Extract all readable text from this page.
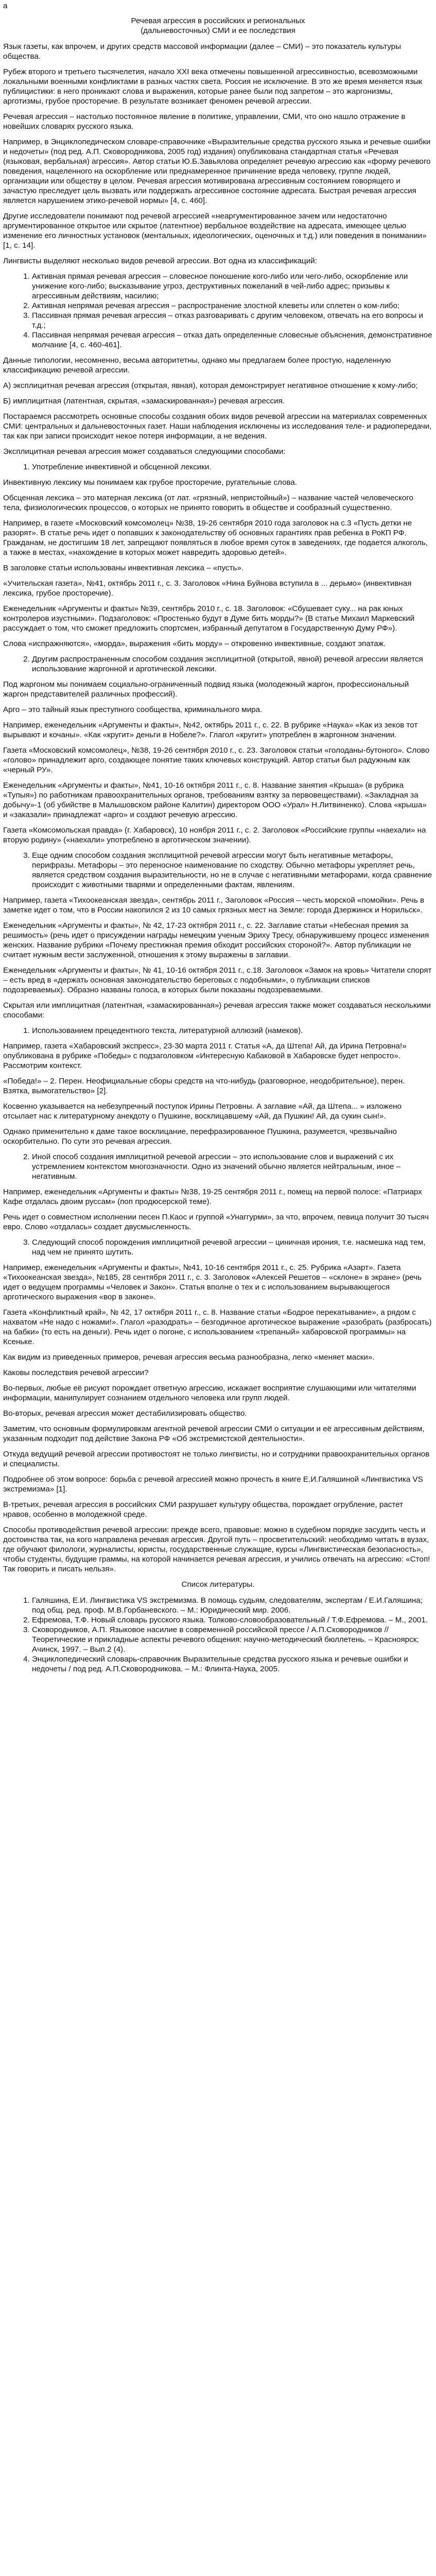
а
Речевая агрессия в российских и региональных
(дальневосточных) СМИ и ее последствия

Язык газеты, как впрочем, и других средств массовой информации (далее – СМИ) – это показатель культуры общества.

Рубеж второго и третьего тысячелетия, начало XXI века отмечены повышенной агрессивностью, всевозможными локальными военными конфликтами в разных частях света. Россия не исключение. В это же время меняется язык публицистики: в него проникают слова и выражения, которые ранее были под запретом – это жаргонизмы, арготизмы, грубое просторечие. В результате возникает феномен речевой агрессии.

Речевая агрессия – настолько постоянное явление в политике, управлении, СМИ, что оно нашло отражение в новейших словарях русского языка.

Например, в Энциклопедическом словаре-справочнике «Выразительные средства русского языка и речевые ошибки и недочеты» (под ред. А.П. Сковородникова, 2005 год) издания) опубликована стандартная статья «Речевая (языковая, вербальная) агрессия». Автор статьи Ю.Б.Завьялова определяет речевую агрессию как «форму речевого поведения, нацеленного на оскорбление или преднамеренное причинение вреда человеку, группе людей, организации или обществу в целом. Речевая агрессия мотивирована агрессивным состоянием говорящего и зачастую преследует цель вызвать или поддержать агрессивное состояние адресата. Быстрая речевая агрессия является нарушением этико-речевой нормы» [4, с. 460].

Другие исследователи понимают под речевой агрессией «неаргументированное зачем или недостаточно аргументированное открытое или скрытое (латентное) вербальное воздействие на адресата, имеющее целью изменение его личностных установок (ментальных, идеологических, оценочных и т.д.) или поведения в понимании» [1, с. 14].

Лингвисты выделяют несколько видов речевой агрессии. Вот одна из классификаций:

1. Активная прямая речевая агрессия – словесное поношение кого-либо или чего-либо, оскорбление или унижение кого-либо; высказывание угроз, деструктивных пожеланий в чей-либо адрес; призывы к агрессивным действиям, насилию;
2. Активная непрямая речевая агрессия – распространение злостной клеветы или сплетен о ком-либо;
3. Пассивная прямая речевая агрессия – отказ разговаривать с другим человеком, отвечать на его вопросы и т.д.;
4. Пассивная непрямая речевая агрессия – отказ дать определенные словесные объяснения, демонстративное молчание [4, с. 460-461].

Данные типологии, несомненно, весьма авторитетны, однако мы предлагаем более простую, наделенную классификацию речевой агрессии.

А) эксплицитная речевая агрессия (открытая, явная), которая демонстрирует негативное отношение к кому-либо;

Б) имплицитная (латентная, скрытая, «замаскированная») речевая агрессия.

Постараемся рассмотреть основные способы создания обоих видов речевой агрессии на материалах современных СМИ: центральных и дальневосточных газет. Наши наблюдения исключены из исследования теле- и радиопередачи, так как при записи происходит некое потеря информации, а не ведения.

Эксплицитная речевая агрессия может создаваться следующими способами:

1. Употребление инвективной и обсценной лексики.

Инвективную лексику мы понимаем как грубое просторечие, ругательные слова.

Обсценная лексика – это матерная лексика (от лат. «грязный, непристойный») – название частей человеческого тела, физиологических процессов, о которых не принято говорить в обществе и сообразный существенно.

Например, в газете «Московский комсомолец» №38, 19-26 сентября 2010 года заголовок на с.3 «Пусть детки не разорят». В статье речь идет о попавших к законодательству об основных гарантиях прав ребенка в РоКП РФ. Гражданам, не достигшим 18 лет, запрещают появляться в любое время суток в заведениях, где подается алкоголь, а также в местах, «нахождение в которых может навредить здоровью детей».

В заголовке статьи использованы инвективная лексика – «пусть».

«Учительская газета», №41, октябрь 2011 г., с. 3. Заголовок «Нина Буйнова вступила в ... дерьмо» (инвективная лексика, грубое просторечие).

Еженедельник «Аргументы и факты» №39, сентябрь 2010 г., с. 18. Заголовок: «Сбушевает суку... на рак юных контролеров изустными». Подзаголовок: «Простенько будут в Думе бить морды?» (В статье Михаил Маркевский рассуждает о том, что сможет предложить спортсмен, избранный депутатом в Государственную Думу РФ»).

Слова «испражняются», «морда», выражения «бить морду» – откровенно инвективные, создают эпатаж.

2. Другим распространенным способом создания эксплицитной (открытой, явной) речевой агрессии является использование жаргонной и арготической лексики.

Под жаргоном мы понимаем социально-ограниченный подвид языка (молодежный жаргон, профессиональный жаргон представителей различных профессий).

Арго – это тайный язык преступного сообщества, криминального мира.

Например, еженедельник «Аргументы и факты», №42, октябрь 2011 г., с. 22. В рубрике «Наука» «Как из зеков тот вырывают и кочаны». «Как «кругит» деньги в Нобеле?». Глагол «кругит» употреблен в жаргонном значении.

Газета «Московский комсомолец», №38, 19-26 сентября 2010 г., с. 23. Заголовок статьи «голоданы-бутоного». Слово «голово» принадлежит арго, создающее понятие таких ключевых конструкций. Автор статьи был радужным как «черный РУ».

Еженедельник «Аргументы и факты», №41, 10-16 октября 2011 г., с. 8. Название занятия «Крыша» (в рубрика «Тупыя») по работникам правоохранительных органов, требованиям взятку за первовеществами). «Закладная за добычу»-1 (об убийстве в Малышовском районе Калитин) директором ООО «Урал» Н.Литвиненко). Слова «крыша» и «заказали» принадлежат «арго» и создают речевую агрессию.

Газета «Комсомольская правда» (г. Хабаровск), 10 ноября 2011 г., с. 2. Заголовок «Российские группы «наехали» на вторую родину» («наехали» употреблено в арготическом значении).

3. Еще одним способом создания эксплицитной речевой агрессии могут быть негативные метафоры, перифразы. Метафоры – это переносное наименование по сходству. Обычно метафоры укрепляет речь, является средством создания выразительности, но не в случае с негативными метафорами, когда сравнение происходит с животными тварями и определенными фактам, явлениям.

Например, газета «Тихоокеанская звезда», сентябрь 2011 г., Заголовок «Россия – честь морской «помойки». Речь в заметке идет о том, что в России накопился 2 из 10 самых грязных мест на Земле: города Дзержинск и Норильск».

Еженедельник «Аргументы и факты», № 42, 17-23 октября 2011 г., с. 22. Заглавие статьи «Небесная премия за решимость» (речь идет о присуждении награды немецким ученым Эриху Тресу, обнаружившему процесс изменения женских. Название рубрики «Почему престижная премия обходит российских стороной?». Автор публикации не считает нужным вести заслуженной, отношения к этому выражены в заглавии.

Еженедельник «Аргументы и факты», № 41, 10-16 октября 2011 г., с.18. Заголовок «Замок на кровь» Читатели спорят – есть вред в «держать основная законодательство береговых с подобными», о публикации списков подозреваемых). Образно названы голоса, в которых были показаны подозреваемыми.

Скрытая или имплицитная (латентная, «замаскированная») речевая агрессия также может создаваться несколькими способами:

1. Использованием прецедентного текста, литературной аллюзий (намеков).

Например, газета «Хабаровский экспресс», 23-30 марта 2011 г. Статья «А, да Штепа! Ай, да Ирина Петровна!» опубликована в рубрике «Победы» с подзаголовком «Интересную Кабаковой в Хабаровске будет непросто». Рассмотрим контекст.

«Победа!» – 2. Перен. Неофициальные сборы средств на что-нибудь (разговорное, неодобрительное), перен. Взятка, вымогательство» [2].

Косвенно указывается на небезупречный поступок Ирины Петровны. А заглавие «Ай, да Штепа... » изложено отсылает нас к литературному анекдоту о Пушкине, восклицавшему «Ай, да Пушкин! Ай, да сукин сын!».

Однако применительно к даме такое восклицание, перефразированное Пушкина, разумеется, чрезвычайно оскорбительно. По сути это речевая агрессия.

2. Иной способ создания имплицитной речевой агрессии – это использование слов и выражений с их устремлением контекстом многозначности. Одно из значений обычно является нейтральным, иное – негативным.

Например, еженедельник «Аргументы и факты» №38, 19-25 сентября 2011 г., помещ на первой полосе: «Патриарх Кафе отдалась двоим руссам» (поп продюсерской теме).

Речь идет о совместном исполнении песен П.Каос и группой «Унаггурми», за что, впрочем, певица получит 30 тысяч евро. Слово «отдалась» создает двусмысленность.

3. Следующий способ порождения имплицитной речевой агрессии – циничная ирония, т.е. насмешка над тем, над чем не принято шутить.

Например, еженедельник «Аргументы и факты», №41, 10-16 сентября 2011 г., с. 25. Рубрика «Азарт». Газета «Тихоокеанская звезда», №185, 28 сентября 2011 г., с. 3. Заголовок «Алексей Решетов – «склоне» в экране» (речь идет о ведущем программы «Человек и Закон». Статья вполне о тех и с использованием вырывающегося арготического выражения «вор в законе».

Газета «Конфликтный край», № 42, 17 октября 2011 г., с. 8. Название статьи «Бодрое перекатывание», а рядом с нахватом «Не надо с ножами!». Глагол «разодрать» – безгодичное арготическое выражение «разобрать (разбросать) на бабки» (то есть на деньги). Речь идет о погоне, с использованием «трепаный» хабаровской программы» на Ксеньке.

Как видим из приведенных примеров, речевая агрессия весьма разнообразна, легко «меняет маски».

Каковы последствия речевой агрессии?

Во-первых, любые её рисуют порождает ответную агрессию, искажает восприятие слушающими или читателями информации, манипулирует сознанием отдельного человека или групп людей.

Во-вторых, речевая агрессия может дестабилизировать общество.

Заметим, что основным формулировкам агентной речевой агрессии СМИ о ситуации и её агрессивным действиям, указанным подходит под действие Закона РФ «Об экстремистской деятельности».

Откуда ведущий речевой агрессии противостоят не только лингвисты, но и сотрудники правоохранительных органов и специалисты.

Подробнее об этом вопросе: борьба с речевой агрессией можно прочесть в книге Е.И.Галяшиной «Лингвистика VS экстремизма» [1].

В-третьих, речевая агрессия в российских СМИ разрушает культуру общества, порождает огрубление, растет нравов, особенно в молодежной среде.

Способы противодействия речевой агрессии: прежде всего, правовые: можно в судебном порядке засудить честь и достоинства так, на кого направлена речевая агрессия. Другой путь – просветительский: необходимо читать в вузах, где обучают филологи, журналисты, юристы, государственные служащие, курсы «Лингвистическая безопасность», чтобы студенты, будущие граммы, на которой начинается речевая агрессия, и учились отвечать на агрессию: «Стоп! Так говорить и писать нельзя».

Список литературы.
1. Галяшина, Е.И. Лингвистика VS экстремизма. В помощь судьям, следователям, экспертам / Е.И.Галяшина; под общ. ред. проф. М.В.Горбаневского. – М.: Юридический мир. 2006.
2. Ефремова, Т.Ф. Новый словарь русского языка. Толково-словообразовательный / Т.Ф.Ефремова. – М., 2001.
3. Сковородников, А.П. Языковое насилие в современной российской прессе / А.П.Сковородников // Теоретические и прикладные аспекты речевого общения: научно-методический бюллетень. – Красноярск; Ачинск, 1997. – Вып.2 (4).
4. Энциклопедический словарь-справочник Выразительные средства русского языка и речевые ошибки и недочеты / под ред. А.П.Сковородникова. – М.: Флинта-Наука, 2005.
